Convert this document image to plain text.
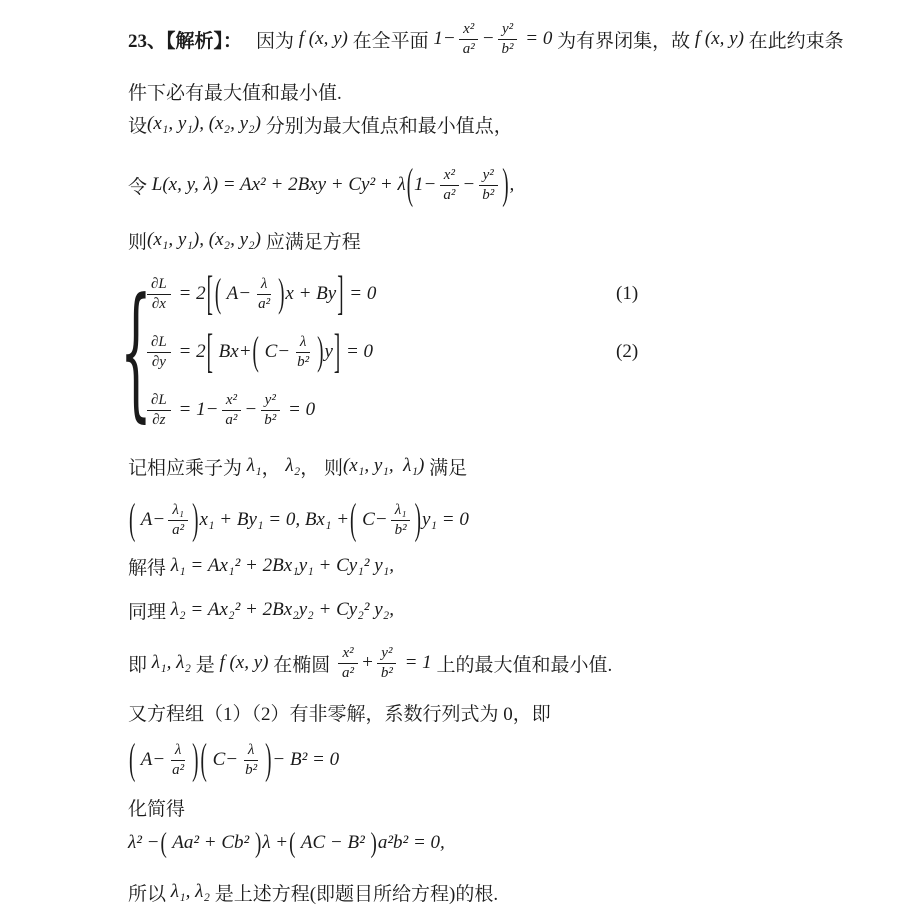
23、【解析】： 因为 f (x, y) 在全平面 $1- \frac{\text{x²}}{\text{a²}} - \frac{\text{y²}}{\text{b²}} = 0$ 为有界闭集，故 f (x, y) 在此约束条
件下必有最大值和最小值.
设 (x₁, y₁), (x₂, y₂) 分别为最大值点和最小值点，
令 L(x, y, λ) = Ax² + 2Bxy + Cy² + λ ( $1- \frac{\text{x²}}{\text{a²}} - \frac{\text{y²}}{\text{b²}}$ ) ,
则 (x₁, y₁), (x₂, y₂) 应满足方程
{	(1)
$\frac{\partial L}{\partial x} = 2$ [ ( $A- \frac{\lambda}{\text{a²}}$ ) x + By ] = 0
(2)
$\frac{\partial L}{\partial y} = 2$ [ Bx+ ( $C- \frac{\lambda}{\text{b²}}$ ) y ] = 0
$\frac{\partial L}{\partial z} = 1- \frac{\text{x²}}{\text{a²}} - \frac{\text{y²}}{\text{b²}} = 0$
记相应乘子为 λ₁ ， λ₂ ， 则 (x₁, y₁,  λ₁) 满足
( $A- \frac{\text{λ₁}}{\text{a²}}$ ) x₁ + By₁ = 0, Bx₁ + ( $C- \frac{\text{λ₁}}{\text{b²}}$ ) y₁ = 0
解得 λ₁ = Ax₁² + 2Bx₁y₁ + Cy₁² y₁,
同理 λ₂ = Ax₂² + 2Bx₂y₂ + Cy₂² y₂,
即 λ₁, λ₂ 是 f (x, y) 在椭圆 $\frac{\text{x²}}{\text{a²}} + \frac{\text{y²}}{\text{b²}} = 1$ 上的最大值和最小值.
又方程组（1）（2）有非零解，系数行列式为 0，即
( $A- \frac{\lambda}{\text{a²}}$ ) ( $C- \frac{\lambda}{\text{b²}}$ ) − B² = 0
化简得
λ² − ( Aa² + Cb² ) λ + ( AC − B² ) a²b² = 0,
所以 λ₁, λ₂ 是上述方程(即题目所给方程)的根.
